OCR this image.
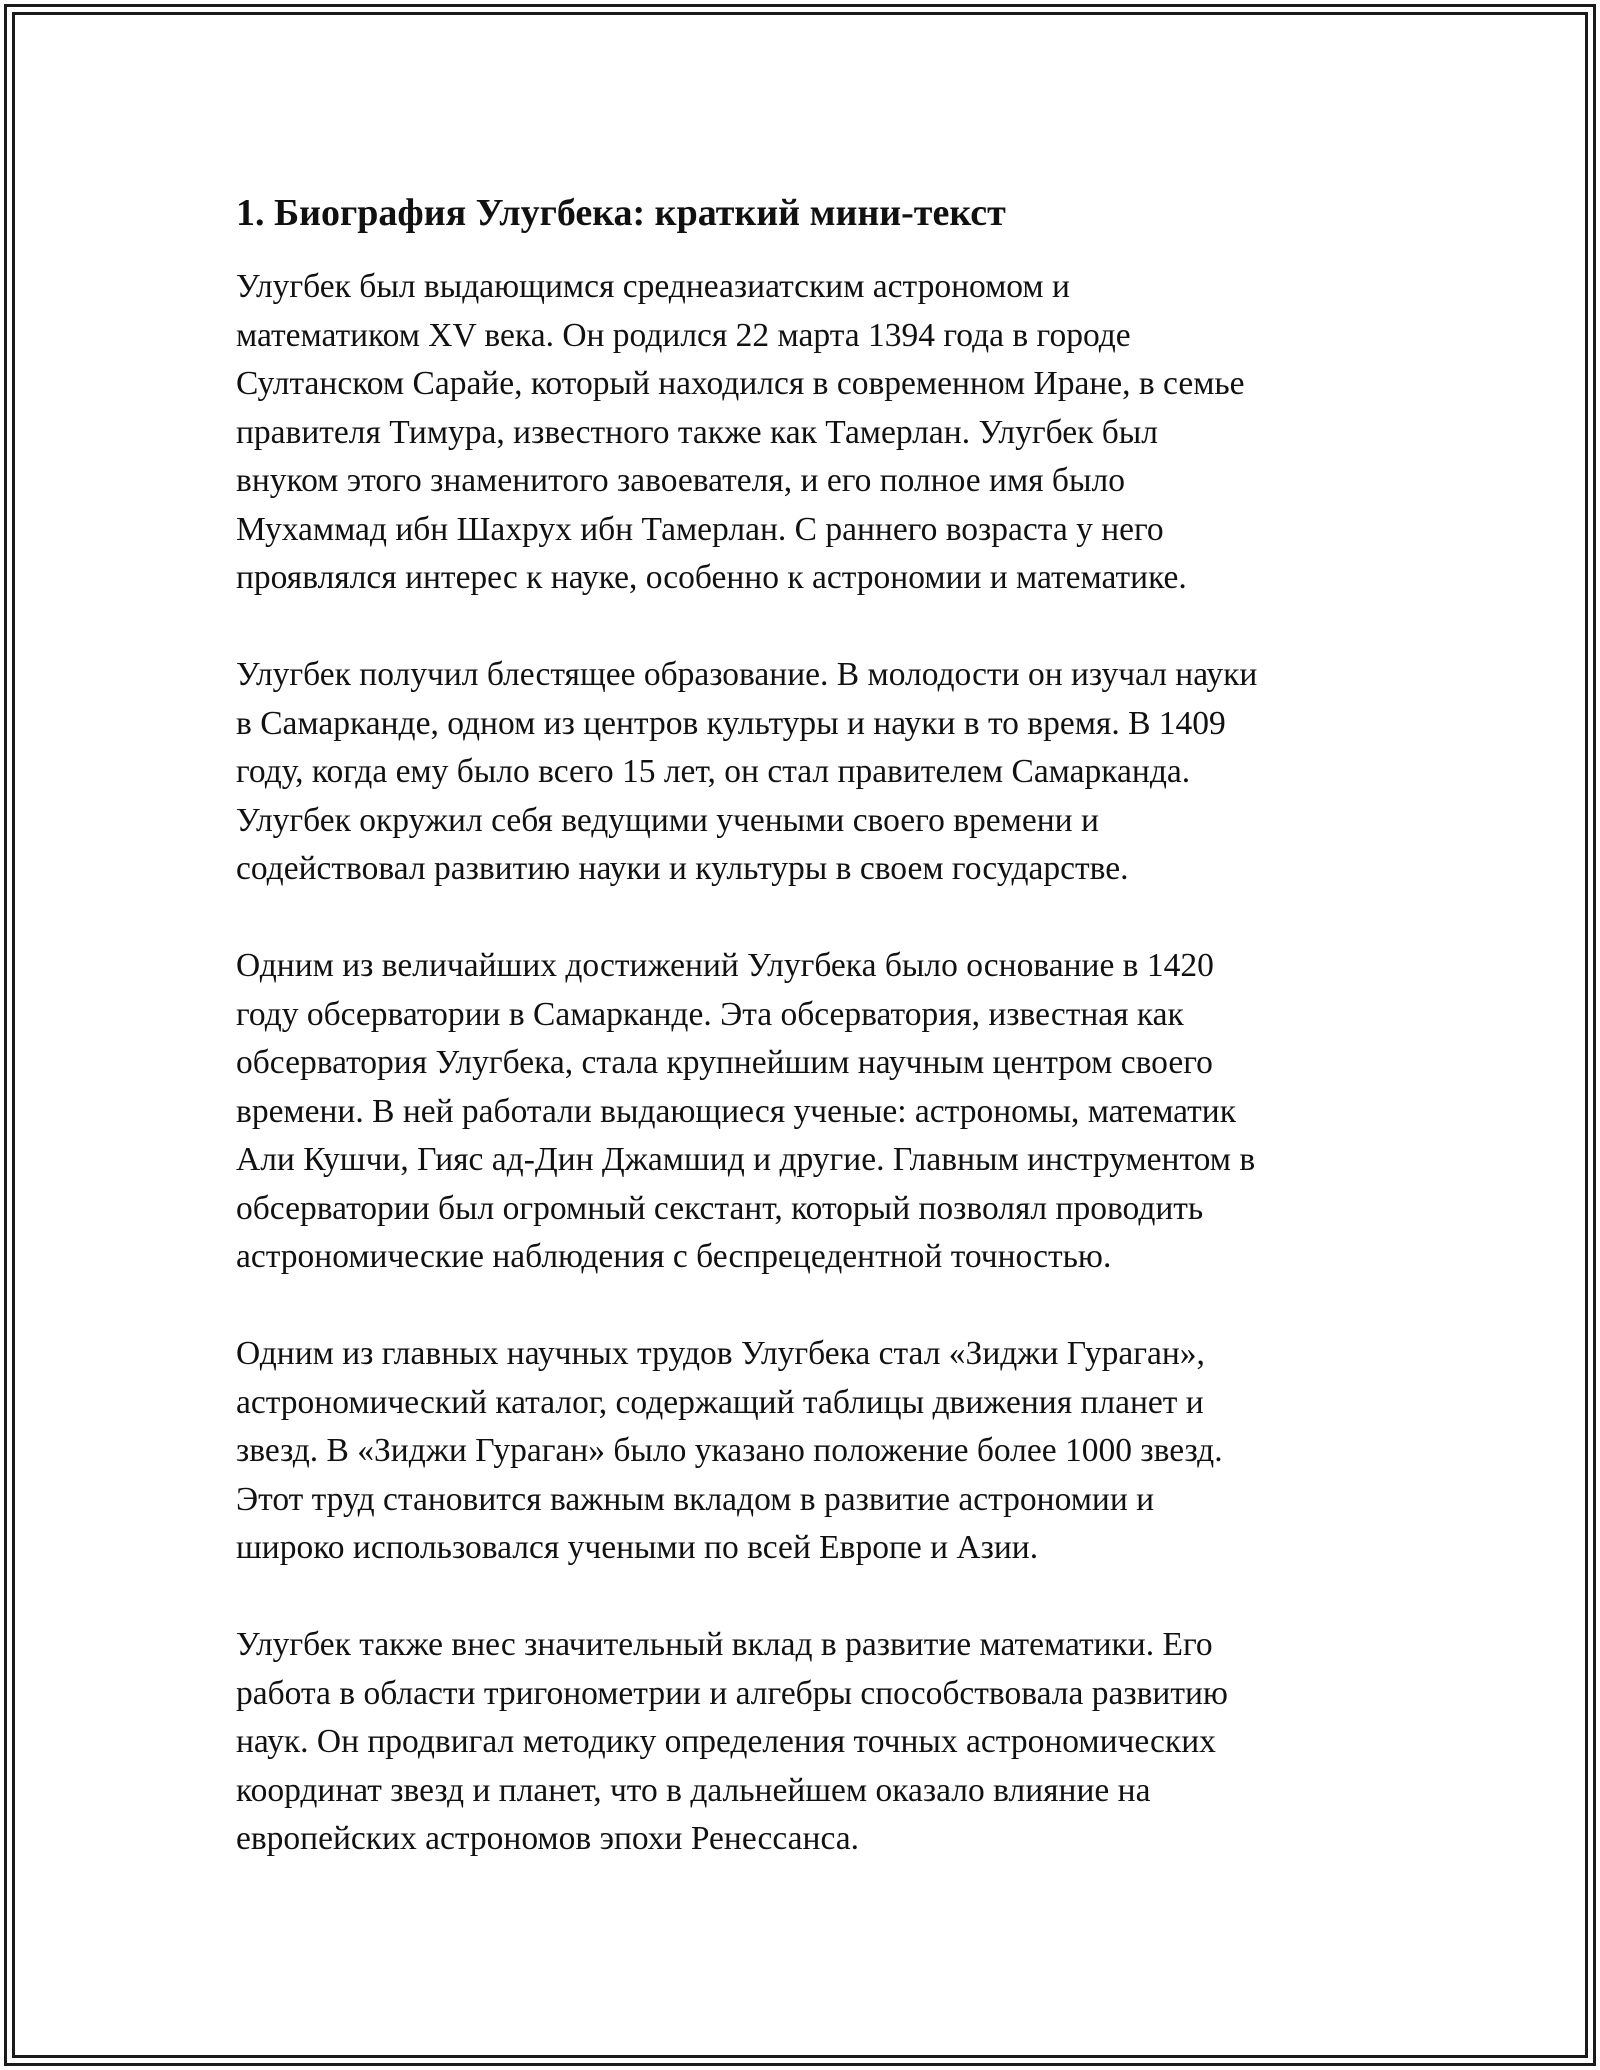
1. Биография Улугбека: краткий мини-текст
Улугбек был выдающимся среднеазиатским астрономом и
математиком XV века. Он родился 22 марта 1394 года в городе
Султанском Сарайе, который находился в современном Иране, в семье
правителя Тимура, известного также как Тамерлан. Улугбек был
внуком этого знаменитого завоевателя, и его полное имя было
Мухаммад ибн Шахрух ибн Тамерлан. С раннего возраста у него
проявлялся интерес к науке, особенно к астрономии и математике.
Улугбек получил блестящее образование. В молодости он изучал науки
в Самарканде, одном из центров культуры и науки в то время. В 1409
году, когда ему было всего 15 лет, он стал правителем Самарканда.
Улугбек окружил себя ведущими учеными своего времени и
содействовал развитию науки и культуры в своем государстве.
Одним из величайших достижений Улугбека было основание в 1420
году обсерватории в Самарканде. Эта обсерватория, известная как
обсерватория Улугбека, стала крупнейшим научным центром своего
времени. В ней работали выдающиеся ученые: астрономы, математик
Али Кушчи, Гияс ад-Дин Джамшид и другие. Главным инструментом в
обсерватории был огромный секстант, который позволял проводить
астрономические наблюдения с беспрецедентной точностью.
Одним из главных научных трудов Улугбека стал «Зиджи Гураган»,
астрономический каталог, содержащий таблицы движения планет и
звезд. В «Зиджи Гураган» было указано положение более 1000 звезд.
Этот труд становится важным вкладом в развитие астрономии и
широко использовался учеными по всей Европе и Азии.
Улугбек также внес значительный вклад в развитие математики. Его
работа в области тригонометрии и алгебры способствовала развитию
наук. Он продвигал методику определения точных астрономических
координат звезд и планет, что в дальнейшем оказало влияние на
европейских астрономов эпохи Ренессанса.
